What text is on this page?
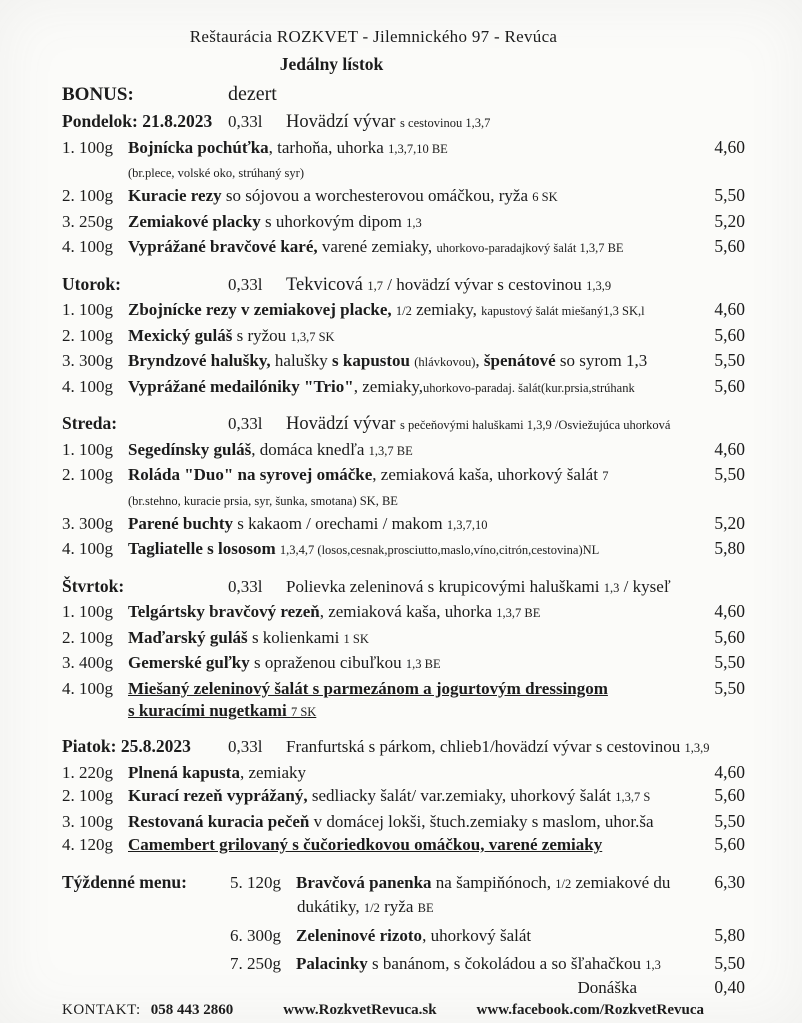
Reštaurácia ROZKVET - Jilemnického 97 - Revúca
Jedálny lístok
BONUS:	dezert
Pondelok: 21.8.2023 0,33l	Hovädzí vývar s cestovinou 1,3,7
1. 100g Bojnícka pochúťka, tarhoňa, uhorka 1,3,7,10 BE	4,60
(br.plece, volské oko, strúhaný syr)
2. 100g Kuracie rezy so sójovou a worchesterovou omáčkou, ryža 6 SK	5,50
3. 250g Zemiakové placky s uhorkovým dipom 1,3	5,20
4. 100g Vyprážané bravčové karé, varené zemiaky, uhorkovo-paradajkový šalát 1,3,7 BE	5,60
Utorok:	0,33l	Tekvicová 1,7 / hovädzí vývar s cestovinou 1,3,9
1. 100g Zbojnícke rezy v zemiakovej placke, 1/2 zemiaky, kapustový šalát miešaný1,3 SK,l	4,60
2. 100g Mexický guláš s ryžou 1,3,7 SK	5,60
3. 300g Bryndzové halušky, halušky s kapustou (hlávkovou), špenátové so syrom 1,3	5,50
4. 100g Vyprážané medailóniky "Trio", zemiaky,uhorkovo-paradaj. šalát(kur.prsia,strúhank	5,60
Streda:	0,33l	Hovädzí vývar s pečeňovými haluškami 1,3,9 /Osviežujúca uhorková
1. 100g Segedínsky guláš, domáca knedľa 1,3,7 BE	4,60
2. 100g Roláda "Duo" na syrovej omáčke, zemiaková kaša, uhorkový šalát 7	5,50
(br.stehno, kuracie prsia, syr, šunka, smotana) SK, BE
3. 300g Parené buchty s kakaom / orechami / makom 1,3,7,10	5,20
4. 100g Tagliatelle s lososom 1,3,4,7 (losos,cesnak,prosciutto,maslo,víno,citrón,cestovina)NL	5,80
Štvrtok:	0,33l	Polievka zeleninová s krupicovými haluškami 1,3 / kyseľ
1. 100g Telgártsky bravčový rezeň, zemiaková kaša, uhorka 1,3,7 BE	4,60
2. 100g Maďarský guláš s kolienkami 1 SK	5,60
3. 400g Gemerské guľky s opraženou cibuľkou 1,3 BE	5,50
4. 100g Miešaný zeleninový šalát s parmezánom a jogurtovým dressingom	5,50
s kuracími nugetkami 7 SK
Piatok: 25.8.2023	0,33l	Franfurtská s párkom, chlieb1/hovädzí vývar s cestovinou 1,3,9
1. 220g Plnená kapusta, zemiaky	4,60
2. 100g Kurací rezeň vyprážaný, sedliacky šalát/ var.zemiaky, uhorkový šalát 1,3,7 S	5,60
3. 100g Restovaná kuracia pečeň v domácej lokši, štuch.zemiaky s maslom, uhor.ša	5,50
4. 120g Camembert grilovaný s čučoriedkovou omáčkou, varené zemiaky	5,60
Týždenné menu:	5. 120g Bravčová panenka na šampiňónoch, 1/2 zemiakové du	6,30
dukátiky, 1/2 ryža BE
6. 300g Zeleninové rizoto, uhorkový šalát	5,80
7. 250g Palacinky s banánom, s čokoládou a so šľahačkou 1,3	5,50
Donáška	0,40
KONTAKT: 058 443 2860	www.RozkvetRevuca.sk	www.facebook.com/RozkvetRevuca
